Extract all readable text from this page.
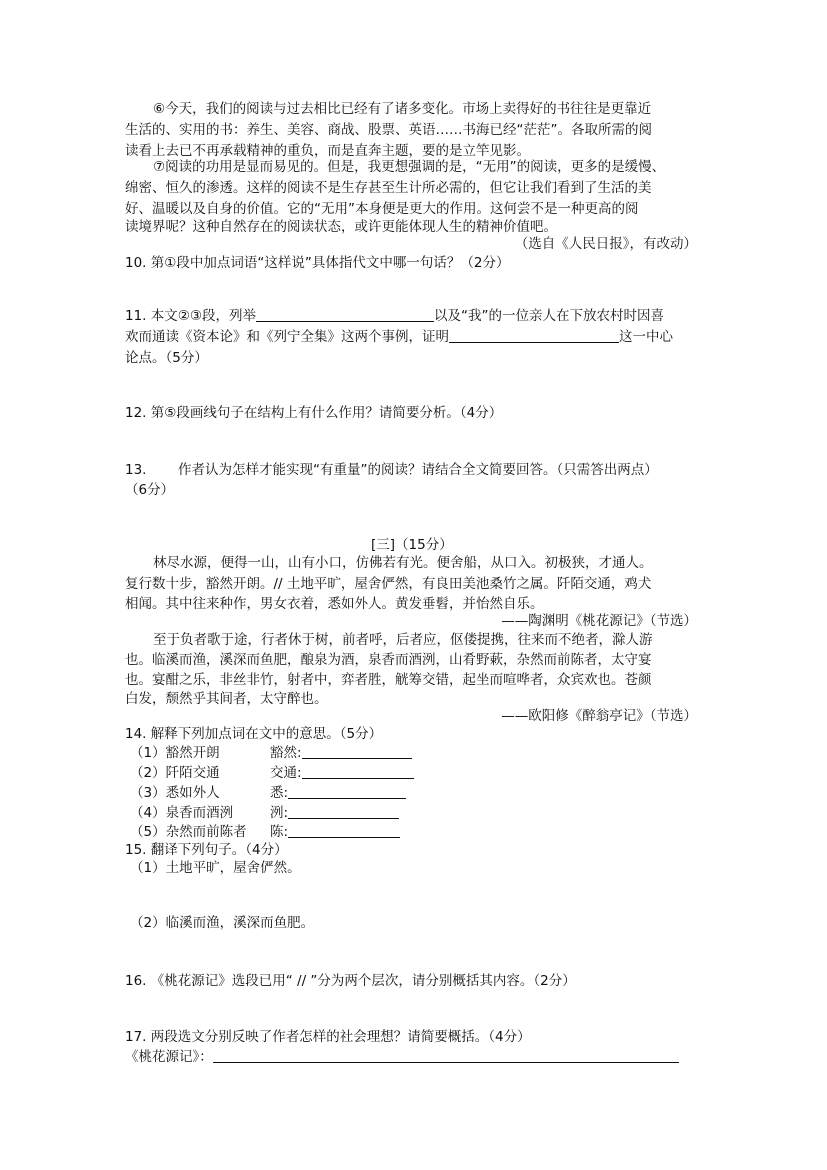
⑥今天，我们的阅读与过去相比已经有了诸多变化。市场上卖得好的书往往是更靠近
生活的、实用的书：养生、美容、商战、股票、英语……书海已经“茫茫”。各取所需的阅
读看上去已不再承载精神的重负，而是直奔主题，要的是立竿见影。
⑦阅读的功用是显而易见的。但是，我更想强调的是，“无用”的阅读，更多的是缓慢、
绵密、恒久的渗透。这样的阅读不是生存甚至生计所必需的，但它让我们看到了生活的美
好、温暖以及自身的价值。它的“无用”本身便是更大的作用。这何尝不是一种更高的阅
读境界呢？这种自然存在的阅读状态，或许更能体现人生的精神价值吧。
（选自《人民日报》，有改动）
10. 第①段中加点词语“这样说”具体指代文中哪一句话？（2分）
11. 本文②③段，列举	以及“我”的一位亲人在下放农村时因喜
欢而通读《资本论》和《列宁全集》这两个事例，证明	这一中心
论点。（5分）
12. 第⑤段画线句子在结构上有什么作用？请简要分析。（4分）
13. 作者认为怎样才能实现“有重量”的阅读？请结合全文简要回答。（只需答出两点）
（6分）
[三]（15分）
林尽水源，便得一山，山有小口，仿佛若有光。便舍船，从口入。初极狭，才通人。
复行数十步，豁然开朗。// 土地平旷，屋舍俨然，有良田美池桑竹之属。阡陌交通，鸡犬
相闻。其中往来种作，男女衣着，悉如外人。黄发垂髫，并怡然自乐。
——陶渊明《桃花源记》（节选）
至于负者歌于途，行者休于树，前者呼，后者应，伛偻提携，往来而不绝者，滁人游
也。临溪而渔，溪深而鱼肥，酿泉为酒，泉香而酒洌，山肴野蔌，杂然而前陈者，太守宴
也。宴酣之乐，非丝非竹，射者中，弈者胜，觥筹交错，起坐而喧哗者，众宾欢也。苍颜
白发，颓然乎其间者，太守醉也。
——欧阳修《醉翁亭记》（节选）
14. 解释下列加点词在文中的意思。（5分）
（1）豁然开朗	豁然:
（2）阡陌交通	交通:
（3）悉如外人	悉:
（4）泉香而酒洌	洌:
（5）杂然而前陈者 陈:
15. 翻译下列句子。（4分）
（1）土地平旷，屋舍俨然。
（2）临溪而渔，溪深而鱼肥。
16. 《桃花源记》选段已用“ // ”分为两个层次，请分别概括其内容。（2分）
17. 两段选文分别反映了作者怎样的社会理想？请简要概括。（4分）
《桃花源记》：
